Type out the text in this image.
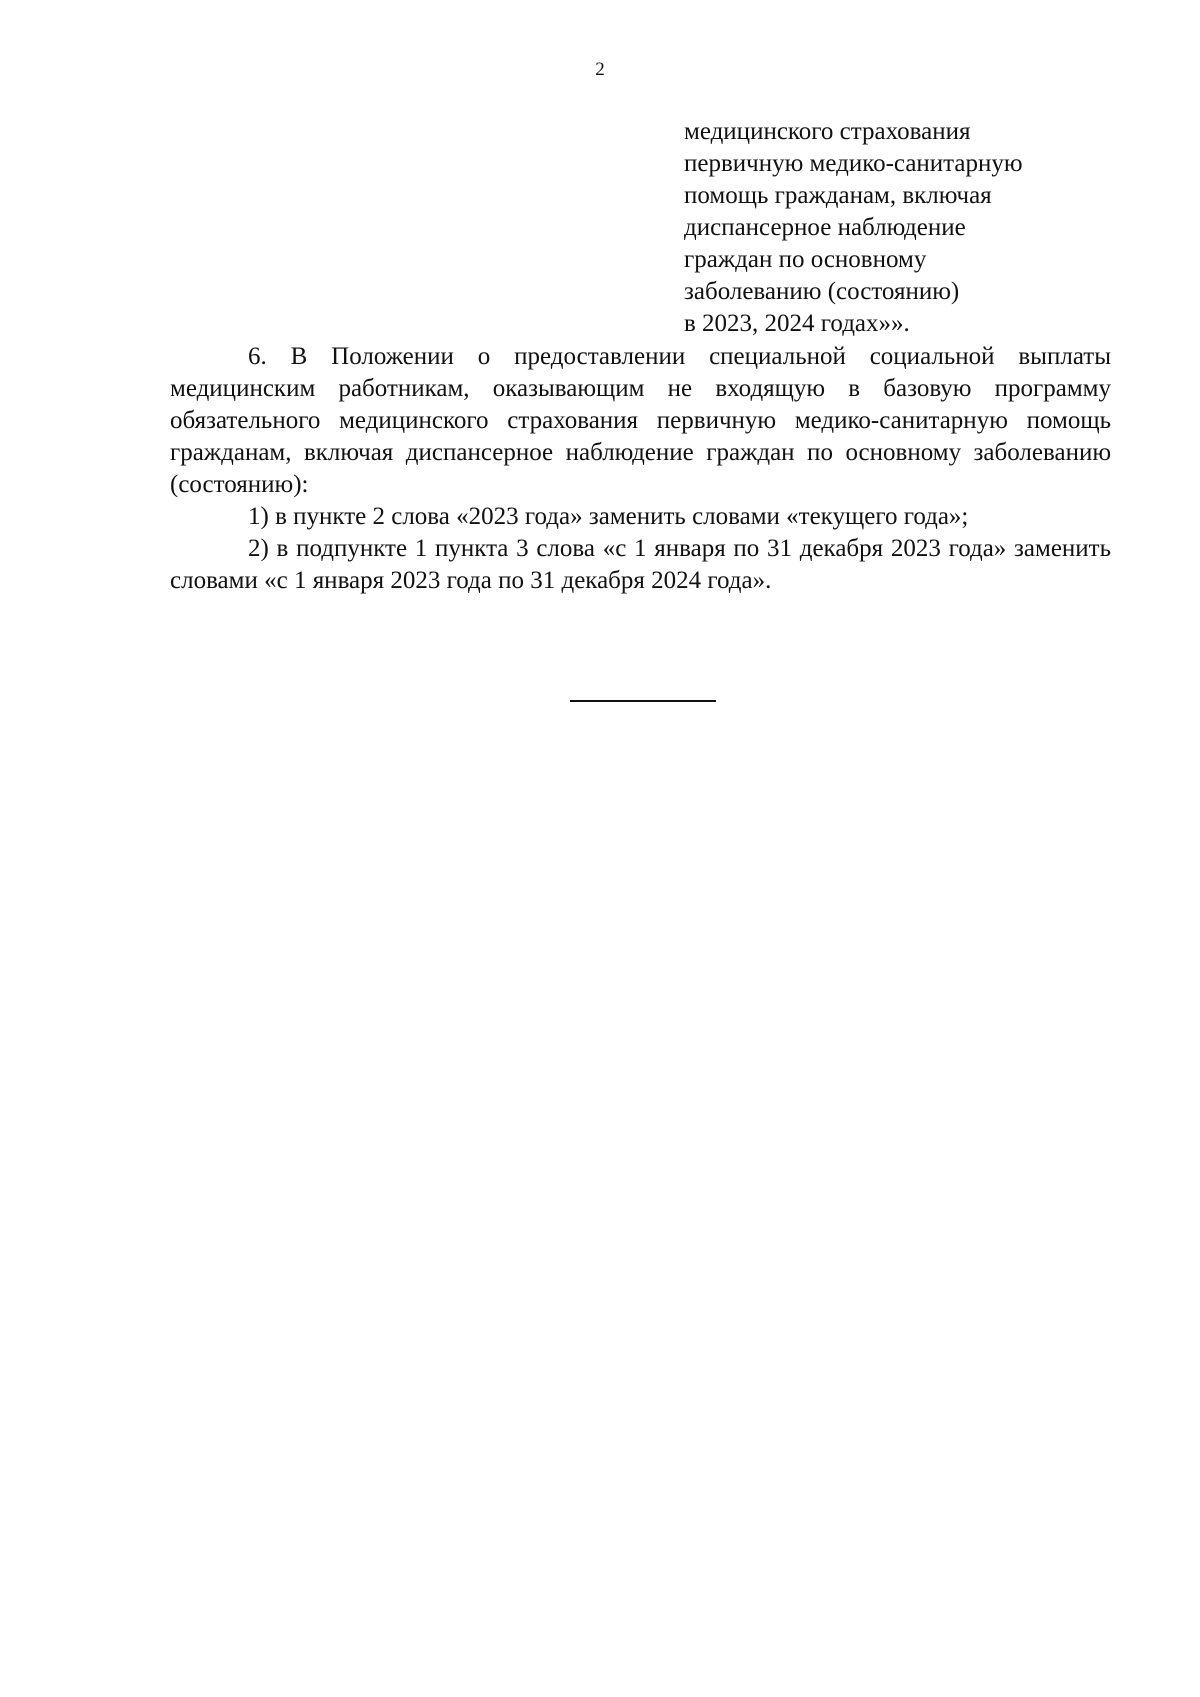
2
медицинского страхования
первичную медико-санитарную
помощь гражданам, включая
диспансерное наблюдение
граждан по основному
заболеванию (состоянию)
в 2023, 2024 годах»».

6. В Положении о предоставлении специальной социальной выплаты медицинским работникам, оказывающим не входящую в базовую программу обязательного медицинского страхования первичную медико-санитарную помощь гражданам, включая диспансерное наблюдение граждан по основному заболеванию (состоянию):

1) в пункте 2 слова «2023 года» заменить словами «текущего года»;

2) в подпункте 1 пункта 3 слова «с 1 января по 31 декабря 2023 года» заменить словами «с 1 января 2023 года по 31 декабря 2024 года».
